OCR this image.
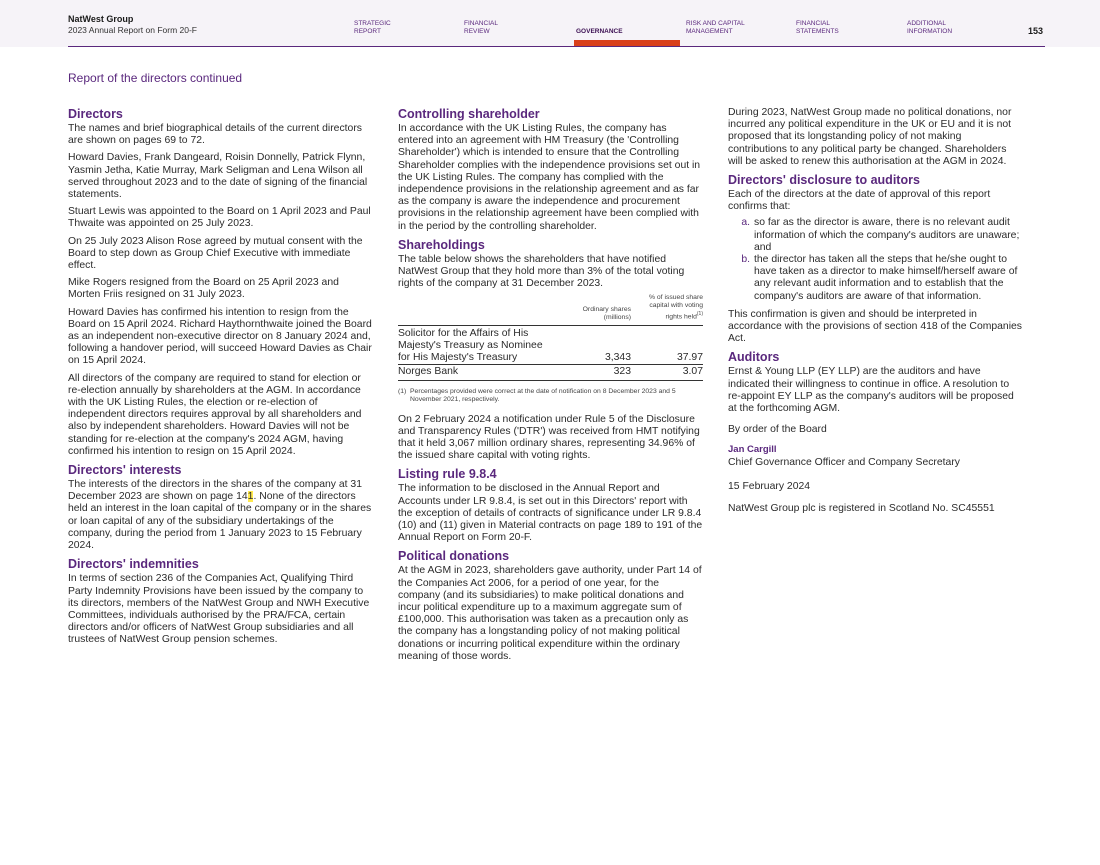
NatWest Group
2023 Annual Report on Form 20-F
STRATEGIC
REPORT
FINANCIAL
REVIEW	GOVERNANCE
RISK AND CAPITAL
MANAGEMENT
FINANCIAL
STATEMENTS
ADDITIONAL
INFORMATION	153
Report of the directors continued
Directors

The names and brief biographical details of the current directors are shown on pages 69 to 72.

Howard Davies, Frank Dangeard, Roisin Donnelly, Patrick Flynn, Yasmin Jetha, Katie Murray, Mark Seligman and Lena Wilson all served throughout 2023 and to the date of signing of the financial statements.

Stuart Lewis was appointed to the Board on 1 April 2023 and Paul Thwaite was appointed on 25 July 2023.

On 25 July 2023 Alison Rose agreed by mutual consent with the Board to step down as Group Chief Executive with immediate effect.

Mike Rogers resigned from the Board on 25 April 2023 and Morten Friis resigned on 31 July 2023.

Howard Davies has confirmed his intention to resign from the Board on 15 April 2024. Richard Haythornthwaite joined the Board as an independent non-executive director on 8 January 2024 and, following a handover period, will succeed Howard Davies as Chair on 15 April 2024.

All directors of the company are required to stand for election or re-election annually by shareholders at the AGM. In accordance with the UK Listing Rules, the election or re-election of independent directors requires approval by all shareholders and also by independent shareholders. Howard Davies will not be standing for re-election at the company's 2024 AGM, having confirmed his intention to resign on 15 April 2024.

Directors' interests

The interests of the directors in the shares of the company at 31 December 2023 are shown on page 141. None of the directors held an interest in the loan capital of the company or in the shares or loan capital of any of the subsidiary undertakings of the company, during the period from 1 January 2023 to 15 February 2024.

Directors' indemnities

In terms of section 236 of the Companies Act, Qualifying Third Party Indemnity Provisions have been issued by the company to its directors, members of the NatWest Group and NWH Executive Committees, individuals authorised by the PRA/FCA, certain directors and/or officers of NatWest Group subsidiaries and all trustees of NatWest Group pension schemes.

Controlling shareholder

In accordance with the UK Listing Rules, the company has entered into an agreement with HM Treasury (the 'Controlling Shareholder') which is intended to ensure that the Controlling Shareholder complies with the independence provisions set out in the UK Listing Rules. The company has complied with the independence provisions in the relationship agreement and as far as the company is aware the independence and procurement provisions in the relationship agreement have been complied with in the period by the controlling shareholder.

Shareholdings

The table below shows the shareholders that have notified NatWest Group that they hold more than 3% of the total voting rights of the company at 31 December 2023.

	Ordinary shares (millions)	% of issued share capital with voting rights held$^{(1)}$

Solicitor for the Affairs of His
Majesty's Treasury as Nominee
for His Majesty's Treasury	3,343	37.97
Norges Bank	323	3.07
(1) Percentages provided were correct at the date of notification on 8 December 2023 and 5 November 2021, respectively.

On 2 February 2024 a notification under Rule 5 of the Disclosure and Transparency Rules ('DTR') was received from HMT notifying that it held 3,067 million ordinary shares, representing 34.96% of the issued share capital with voting rights.

Listing rule 9.8.4

The information to be disclosed in the Annual Report and Accounts under LR 9.8.4, is set out in this Directors' report with the exception of details of contracts of significance under LR 9.8.4 (10) and (11) given in Material contracts on page 189 to 191 of the Annual Report on Form 20-F.

Political donations

At the AGM in 2023, shareholders gave authority, under Part 14 of the Companies Act 2006, for a period of one year, for the company (and its subsidiaries) to make political donations and incur political expenditure up to a maximum aggregate sum of £100,000. This authorisation was taken as a precaution only as the company has a longstanding policy of not making political donations or incurring political expenditure within the ordinary meaning of those words.

During 2023, NatWest Group made no political donations, nor incurred any political expenditure in the UK or EU and it is not proposed that its longstanding policy of not making contributions to any political party be changed. Shareholders will be asked to renew this authorisation at the AGM in 2024.

Directors' disclosure to auditors

Each of the directors at the date of approval of this report confirms that:

a. so far as the director is aware, there is no relevant audit information of which the company's auditors are unaware; and
b. the director has taken all the steps that he/she ought to have taken as a director to make himself/herself aware of any relevant audit information and to establish that the company's auditors are aware of that information.

This confirmation is given and should be interpreted in accordance with the provisions of section 418 of the Companies Act.

Auditors

Ernst & Young LLP (EY LLP) are the auditors and have indicated their willingness to continue in office. A resolution to re-appoint EY LLP as the company's auditors will be proposed at the forthcoming AGM.

By order of the Board

Jan Cargill

Chief Governance Officer and Company Secretary

15 February 2024

NatWest Group plc is registered in Scotland No. SC45551
